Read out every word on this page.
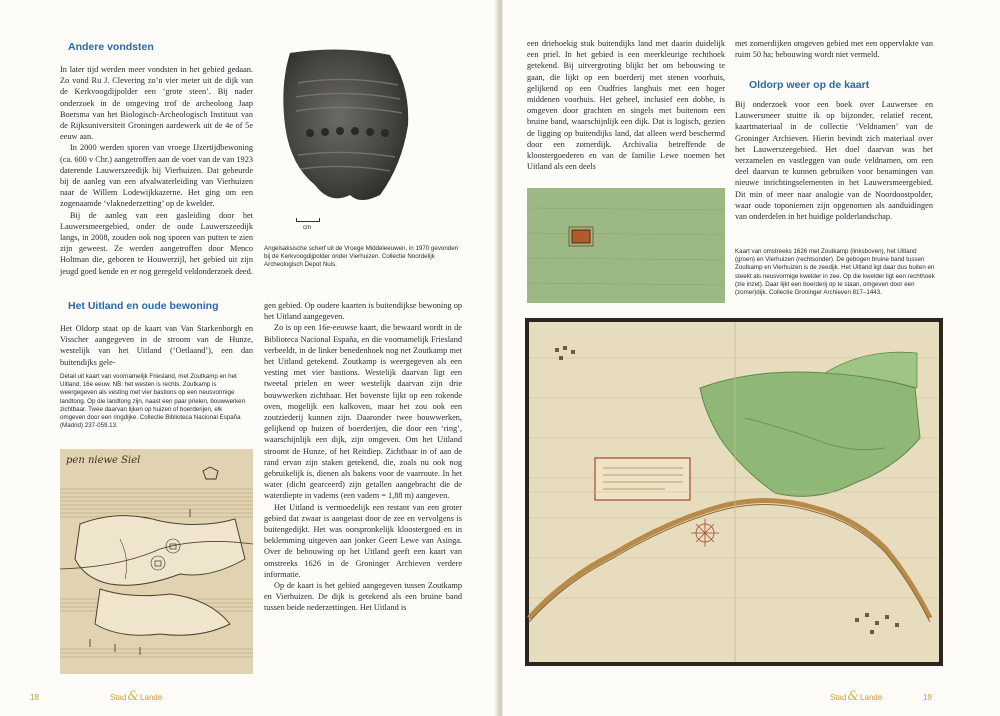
Andere vondsten

In later tijd werden meer vondsten in het gebied gedaan. Zo vond Ru J. Clevering zo’n vier meter uit de dijk van de Kerkvoogdijpolder een ‘grote steen’. Bij nader onderzoek in de omgeving trof de archeoloog Jaap Boersma van het Biologisch-Archeologisch Instituut van de Rijksuniversiteit Groningen aardewerk uit de 4e of 5e eeuw aan.

In 2000 werden sporen van vroege IJzertijdbewoning (ca. 600 v Chr.) aangetroffen aan de voet van de van 1923 daterende Lauwerszeedijk bij Vierhuizen. Dat gebeurde bij de aanleg van een afvalwaterleiding van Vierhuizen naar de Willem Lodewijkkazerne. Het ging om een zogenaamde ‘vlaknederzetting’ op de kwelder.

Bij de aanleg van een gasleiding door het Lauwersmeergebied, onder de oude Lauwerszeedijk langs, in 2008, zouden ook nog sporen van putten te zien zijn geweest. Ze werden aangetroffen door Menco Holtman die, geboren te Houwerzijl, het gebied uit zijn jeugd goed kende en er nog geregeld veldonderzoek deed.

Het Uitland en oude bewoning

Het Oldorp staat op de kaart van Van Starkenborgh en Visscher aangegeven in de stroom van de Hunze, westelijk van het Uitland (‘Oetlaand’), een dan buitendijks gele-

Detail uit kaart van voornamelijk Friesland, met Zoutkamp en het Uitland, 16e eeuw. NB: het westen is rechts. Zoutkamp is weergegeven als vesting met vier bastions op een neusvormige landtong. Op die landtong zijn, naast een paar prielen, bouwwerken zichtbaar. Twee daarvan lijken op huizen of boerderijen, elk omgeven door een ringdijke. Collectie Biblioteca Nacional España (Madrid) 237-059.13.
pen niewe Siel
cm
Angelsaksische scherf uit de Vroege Middeleeuwen, in 1970 gevonden bij de Kerkvoogdijpolder onder Vierhuizen. Collectie Noordelijk Archeologisch Depot Nuis.

gen gebied. Op oudere kaarten is buitendijkse bewoning op het Uitland aangegeven.

Zo is op een 16e-eeuwse kaart, die bewaard wordt in de Biblioteca Nacional España, en die voornamelijk Friesland verbeeldt, in de linker benedenhoek nog net Zoutkamp met het Uitland getekend. Zoutkamp is weergegeven als een vesting met vier bastions. Westelijk daarvan ligt een tweetal prielen en weer westelijk daarvan zijn drie bouwwerken zichtbaar. Het bovenste lijkt op een rokende oven, mogelijk een kalkoven, maar het zou ook een zoutziederij kunnen zijn. Daaronder twee bouwwerken, gelijkend op huizen of boerderijen, die door een ‘ring’, waarschijnlijk een dijk, zijn omgeven. Om het Uitland stroomt de Hunze, of het Reitdiep. Zichtbaar in of aan de rand ervan zijn staken getekend, die, zoals nu ook nog gebruikelijk is, dienen als bakens voor de vaarroute. In het water (dicht gearceerd) zijn getallen aangebracht die de waterdiepte in vadems (een vadem = 1,88 m) aangeven.

Het Uitland is vermoedelijk een restant van een groter gebied dat zwaar is aangetast door de zee en vervolgens is buitengedijkt. Het was oorspronkelijk kloostergoed en in beklemming uitgeven aan jonker Geert Lewe van Asinga. Over de bebouwing op het Uitland geeft een kaart van omstreeks 1626 in de Groninger Archieven verdere informatie.

Op de kaart is het gebied aangegeven tussen Zoutkamp en Vierhuizen. De dijk is getekend als een bruine band tussen beide nederzettingen. Het Uitland is

18	Stad&Lande

een driehoekig stuk buitendijks land met daarin duidelijk een priel. In het gebied is een meerkleurige rechthoek getekend. Bij uitvergroting blijkt het om bebouwing te gaan, die lijkt op een boerderij met stenen voorhuis, gelijkend op een Oudfries langhuis met een hoger middenen voorhuis. Het geheel, inclusief een dobbe, is omgeven door grachten en singels met buitenom een bruine band, waarschijnlijk een dijk. Dat is logisch, gezien de ligging op buitendijks land, dat alleen werd beschermd door een zomerdijk. Archivalia betreffende de kloostergoederen en van de familie Lewe noemen het Uitland als een deels

met zomerdijken omgeven gebied met een oppervlakte van ruim 50 ha; bebouwing wordt niet vermeld.

Oldorp weer op de kaart

Bij onderzoek voor een boek over Lauwersee en Lauwersmeer stuitte ik op bijzonder, relatief recent, kaartmateriaal in de collectie ‘Veldnamen’ van de Groninger Archieven. Hierin bevindt zich materiaal over het Lauwerszeegebied. Het doel daarvan was het verzamelen en vastleggen van oude veldnamen, om een deel daarvan te kunnen gebruiken voor benamingen van nieuwe inrichtingselementen in het Lauwersmeergebied. Dit min of meer naar analogie van de Noordoostpolder, waar oude toponiemen zijn opgenomen als aanduidingen van onderdelen in het huidige polderlandschap.

Kaart van omstreeks 1626 met Zoutkamp (linksboven), het Uitland (groen) en Vierhuizen (rechtsonder). De gebogen bruine band tussen Zoutkamp en Vierhuizen is de zeedijk. Het Uitland ligt daar dus buiten en steekt als neusvormige kwelder in zee. Op die kwelder ligt een rechthoek (zie inzet). Daar lijkt een boerderij op te staan, omgeven door een (zomer)dijk. Collectie Groninger Archieven 817–1443.
Stad&Lande	19
